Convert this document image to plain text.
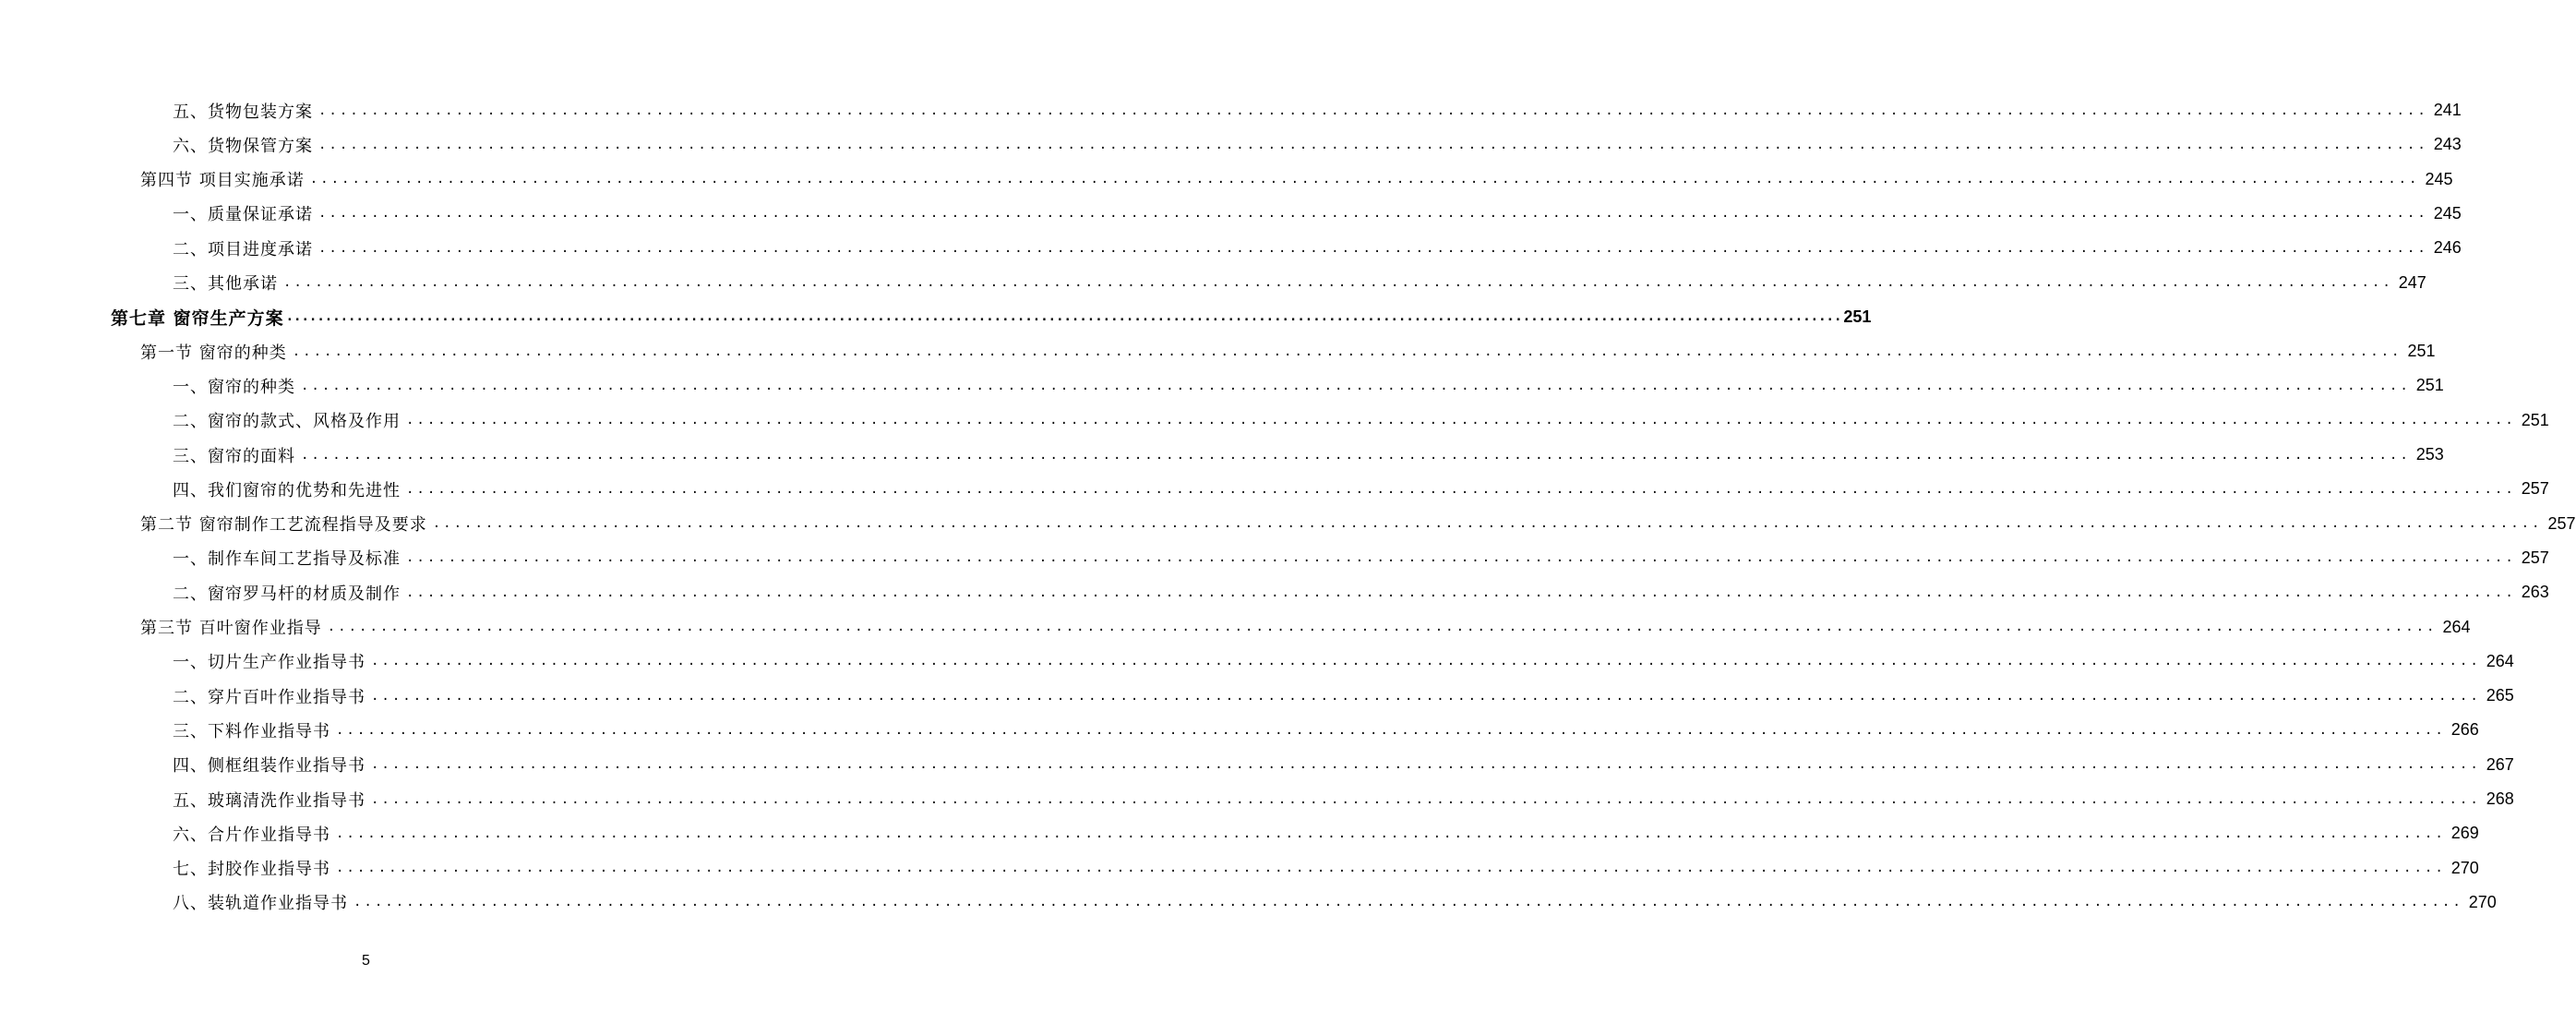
五、货物包装方案 ........................................................................................................................................................................................................ 241
六、货物保管方案 ........................................................................................................................................................................................................ 243
第四节 项目实施承诺 ........................................................................................................................................................................................................ 245
一、质量保证承诺 ........................................................................................................................................................................................................ 245
二、项目进度承诺 ........................................................................................................................................................................................................ 246
三、其他承诺 ........................................................................................................................................................................................................ 247
第七章 窗帘生产方案 ........................................................................................................................................................................................................ 251
第一节 窗帘的种类 ........................................................................................................................................................................................................ 251
一、窗帘的种类 ........................................................................................................................................................................................................ 251
二、窗帘的款式、风格及作用 ........................................................................................................................................................................................................ 251
三、窗帘的面料 ........................................................................................................................................................................................................ 253
四、我们窗帘的优势和先进性 ........................................................................................................................................................................................................ 257
第二节 窗帘制作工艺流程指导及要求 ........................................................................................................................................................................................................ 257
一、制作车间工艺指导及标准 ........................................................................................................................................................................................................ 257
二、窗帘罗马杆的材质及制作 ........................................................................................................................................................................................................ 263
第三节 百叶窗作业指导 ........................................................................................................................................................................................................ 264
一、切片生产作业指导书 ........................................................................................................................................................................................................ 264
二、穿片百叶作业指导书 ........................................................................................................................................................................................................ 265
三、下料作业指导书 ........................................................................................................................................................................................................ 266
四、侧框组装作业指导书 ........................................................................................................................................................................................................ 267
五、玻璃清洗作业指导书 ........................................................................................................................................................................................................ 268
六、合片作业指导书 ........................................................................................................................................................................................................ 269
七、封胶作业指导书 ........................................................................................................................................................................................................ 270
八、装轨道作业指导书 ........................................................................................................................................................................................................ 270
5
